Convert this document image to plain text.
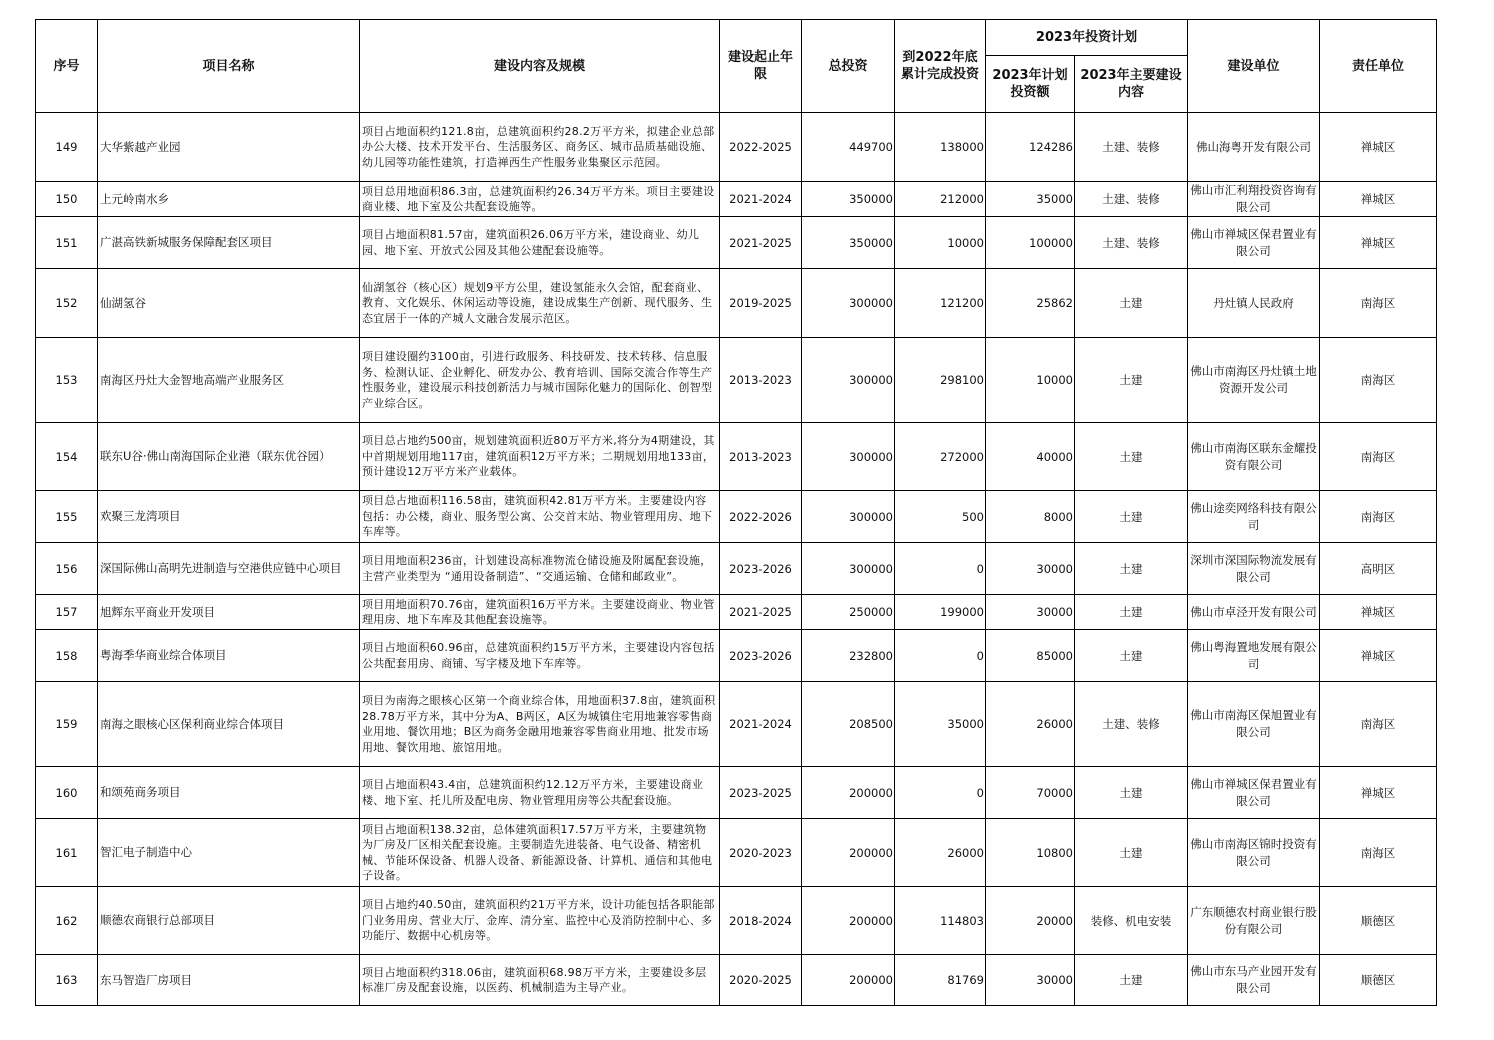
序号	项目名称	建设内容及规模	建设起止年限	总投资	到2022年底累计完成投资	2023年投资计划		建设单位	责任单位
						2023年计划投资额	2023年主要建设内容		
149	大华紫越产业园	项目占地面积约121.8亩，总建筑面积约28.2万平方米，拟建企业总部办公大楼、技术开发平台、生活服务区、商务区、城市品质基础设施、幼儿园等功能性建筑，打造禅西生产性服务业集聚区示范园。	2022-2025	449700	138000	124286	土建、装修	佛山海粤开发有限公司	禅城区
150	上元岭南水乡	项目总用地面积86.3亩，总建筑面积约26.34万平方米。项目主要建设商业楼、地下室及公共配套设施等。	2021-2024	350000	212000	35000	土建、装修	佛山市汇利翔投资咨询有限公司	禅城区
151	广湛高铁新城服务保障配套区项目	项目占地面积81.57亩，建筑面积26.06万平方米，建设商业、幼儿园、地下室、开放式公园及其他公建配套设施等。	2021-2025	350000	10000	100000	土建、装修	佛山市禅城区保君置业有限公司	禅城区
152	仙湖氢谷	仙湖氢谷（核心区）规划9平方公里，建设氢能永久会馆，配套商业、教育、文化娱乐、休闲运动等设施，建设成集生产创新、现代服务、生态宜居于一体的产城人文融合发展示范区。	2019-2025	300000	121200	25862	土建	丹灶镇人民政府	南海区
153	南海区丹灶大金智地高端产业服务区	项目建设圈约3100亩，引进行政服务、科技研发、技术转移、信息服务、检测认证、企业孵化、研发办公、教育培训、国际交流合作等生产性服务业，建设展示科技创新活力与城市国际化魅力的国际化、创智型产业综合区。	2013-2023	300000	298100	10000	土建	佛山市南海区丹灶镇土地资源开发公司	南海区
154	联东U谷·佛山南海国际企业港（联东优谷园）	项目总占地约500亩，规划建筑面积近80万平方米,将分为4期建设，其中首期规划用地117亩，建筑面积12万平方米；二期规划用地133亩，预计建设12万平方米产业载体。	2013-2023	300000	272000	40000	土建	佛山市南海区联东金耀投资有限公司	南海区
155	欢聚三龙湾项目	项目总占地面积116.58亩，建筑面积42.81万平方米。主要建设内容包括：办公楼，商业、服务型公寓、公交首末站、物业管理用房、地下车库等。	2022-2026	300000	500	8000	土建	佛山途奕网络科技有限公司	南海区
156	深国际佛山高明先进制造与空港供应链中心项目	项目用地面积236亩，计划建设高标准物流仓储设施及附属配套设施，主营产业类型为 “通用设备制造”、“交通运输、仓储和邮政业”。	2023-2026	300000	0	30000	土建	深圳市深国际物流发展有限公司	高明区
157	旭辉东平商业开发项目	项目用地面积70.76亩，建筑面积16万平方米。主要建设商业、物业管理用房、地下车库及其他配套设施等。	2021-2025	250000	199000	30000	土建	佛山市卓泾开发有限公司	禅城区
158	粤海季华商业综合体项目	项目占地面积60.96亩，总建筑面积约15万平方米，主要建设内容包括公共配套用房、商铺、写字楼及地下车库等。	2023-2026	232800	0	85000	土建	佛山粤海置地发展有限公司	禅城区
159	南海之眼核心区保利商业综合体项目	项目为南海之眼核心区第一个商业综合体，用地面积37.8亩，建筑面积28.78万平方米，其中分为A、B两区，A区为城镇住宅用地兼容零售商业用地、餐饮用地；B区为商务金融用地兼容零售商业用地、批发市场用地、餐饮用地、旅馆用地。	2021-2024	208500	35000	26000	土建、装修	佛山市南海区保旭置业有限公司	南海区
160	和颂苑商务项目	项目占地面积43.4亩，总建筑面积约12.12万平方米，主要建设商业楼、地下室、托儿所及配电房、物业管理用房等公共配套设施。	2023-2025	200000	0	70000	土建	佛山市禅城区保君置业有限公司	禅城区
161	智汇电子制造中心	项目占地面积138.32亩，总体建筑面积17.57万平方米，主要建筑物为厂房及厂区相关配套设施。主要制造先进装备、电气设备、精密机械、节能环保设备、机器人设备、新能源设备、计算机、通信和其他电子设备。	2020-2023	200000	26000	10800	土建	佛山市南海区锦时投资有限公司	南海区
162	顺德农商银行总部项目	项目占地约40.50亩，建筑面积约21万平方米，设计功能包括各职能部门业务用房、营业大厅、金库、清分室、监控中心及消防控制中心、多功能厅、数据中心机房等。	2018-2024	200000	114803	20000	装修、机电安装	广东顺德农村商业银行股份有限公司	顺德区
163	东马智造厂房项目	项目占地面积约318.06亩，建筑面积68.98万平方米，主要建设多层标准厂房及配套设施，以医药、机械制造为主导产业。	2020-2025	200000	81769	30000	土建	佛山市东马产业园开发有限公司	顺德区
